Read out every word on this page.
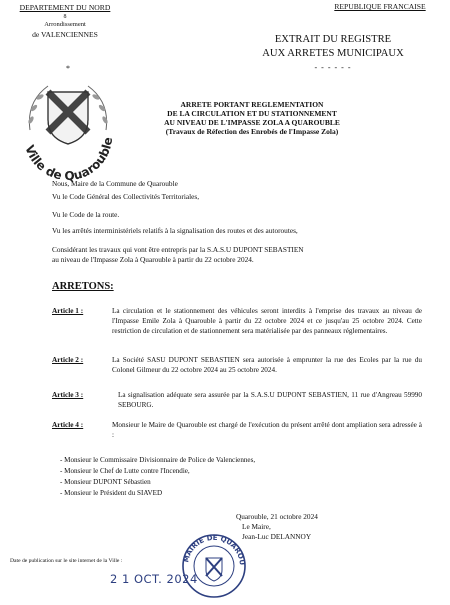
DEPARTEMENT DU NORD
8
Arrondissement
de VALENCIENNES
*
REPUBLIQUE FRANCAISE
EXTRAIT DU REGISTRE
AUX ARRETES MUNICIPAUX
- - - - - -
Ville de Quarouble
ARRETE PORTANT REGLEMENTATION
DE LA CIRCULATION ET DU STATIONNEMENT
AU NIVEAU DE L'IMPASSE ZOLA A QUAROUBLE
(Travaux de Réfection des Enrobés de l'Impasse Zola)
Nous, Maire de la Commune de Quarouble
Vu le Code Général des Collectivités Territoriales,
Vu le Code de la route.
Vu les arrêtés interministériels relatifs à la signalisation des routes et des autoroutes,
Considérant les travaux qui vont être entrepris par la S.A.S.U DUPONT SEBASTIEN
au niveau de l'Impasse Zola à Quarouble à partir du 22 octobre 2024.
ARRETONS:
Article 1 :	La circulation et le stationnement des véhicules seront interdits à l'emprise des travaux au niveau de l'Impasse Emile Zola à Quarouble à partir du 22 octobre 2024 et ce jusqu'au 25 octobre 2024. Cette restriction de circulation et de stationnement sera matérialisée par des panneaux réglementaires.
Article 2 :	La Société SASU DUPONT SEBASTIEN sera autorisée à emprunter la rue des Ecoles par la rue du Colonel Gilmeur du 22 octobre 2024 au 25 octobre 2024.
Article 3 :	La signalisation adéquate sera assurée par la S.A.S.U DUPONT SEBASTIEN, 11 rue d'Angreau 59990 SEBOURG.
Article 4 :	Monsieur le Maire de Quarouble est chargé de l'exécution du présent arrêté dont ampliation sera adressée à :
- Monsieur le Commissaire Divisionnaire de Police de Valenciennes,
- Monsieur le Chef de Lutte contre l'Incendie,
- Monsieur DUPONT Sébastien
- Monsieur le Président du SIAVED
Quarouble, 21 octobre 2024
Le Maire,
Jean-Luc DELANNOY
Date de publication sur le site internet de la Ville :
2 1 OCT. 2024
MAIRIE DE QUAROU
